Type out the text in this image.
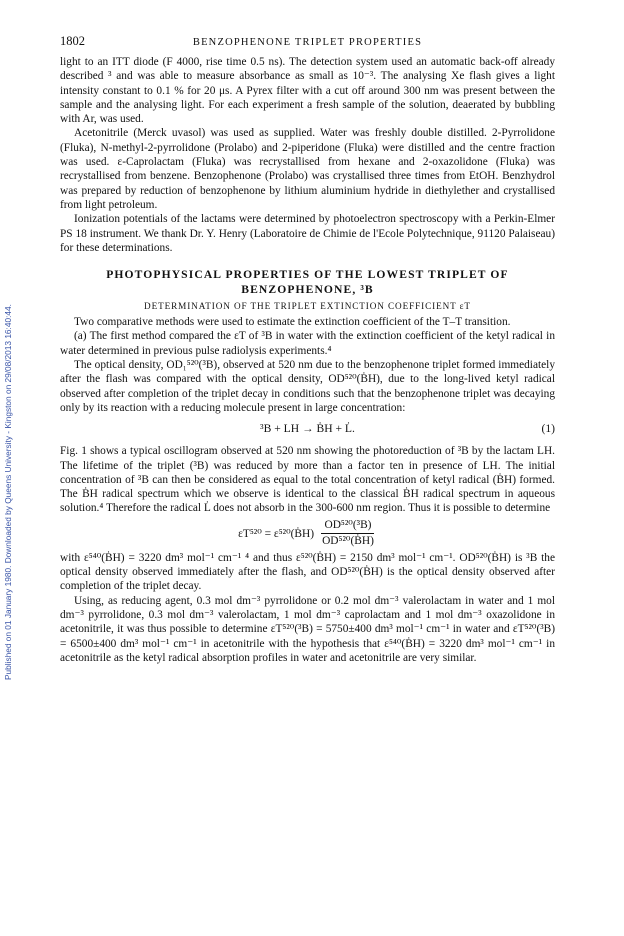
Published on 01 January 1980. Downloaded by Queens University - Kingston on 29/08/2013 16:40:44.
1802	BENZOPHENONE TRIPLET PROPERTIES

light to an ITT diode (F 4000, rise time 0.5 ns). The detection system used an automatic back-off already described ³ and was able to measure absorbance as small as 10⁻³. The analysing Xe flash gives a light intensity constant to 0.1 % for 20 μs. A Pyrex filter with a cut off around 300 nm was present between the sample and the analysing light. For each experiment a fresh sample of the solution, deaerated by bubbling with Ar, was used.

Acetonitrile (Merck uvasol) was used as supplied. Water was freshly double distilled. 2-Pyrrolidone (Fluka), N-methyl-2-pyrrolidone (Prolabo) and 2-piperidone (Fluka) were distilled and the centre fraction was used. ε-Caprolactam (Fluka) was recrystallised from hexane and 2-oxazolidone (Fluka) was recrystallised from benzene. Benzophenone (Prolabo) was crystallised three times from EtOH. Benzhydrol was prepared by reduction of benzophenone by lithium aluminium hydride in diethylether and crystallised from light petroleum.

Ionization potentials of the lactams were determined by photoelectron spectroscopy with a Perkin-Elmer PS 18 instrument. We thank Dr. Y. Henry (Laboratoire de Chimie de l'Ecole Polytechnique, 91120 Palaiseau) for these determinations.

PHOTOPHYSICAL PROPERTIES OF THE LOWEST TRIPLET OF BENZOPHENONE, ³B
DETERMINATION OF THE TRIPLET EXTINCTION COEFFICIENT εT

Two comparative methods were used to estimate the extinction coefficient of the T–T transition.

(a) The first method compared the εT of ³B in water with the extinction coefficient of the ketyl radical in water determined in previous pulse radiolysis experiments.⁴

The optical density, OD₁⁵²⁰(³B), observed at 520 nm due to the benzophenone triplet formed immediately after the flash was compared with the optical density, OD⁵²⁰(ḂH), due to the long-lived ketyl radical observed after completion of the triplet decay in conditions such that the benzophenone triplet was decaying only by its reaction with a reducing molecule present in large concentration:

³B + LH → ḂH + L̇.	(1)

Fig. 1 shows a typical oscillogram observed at 520 nm showing the photoreduction of ³B by the lactam LH. The lifetime of the triplet (³B) was reduced by more than a factor ten in presence of LH. The initial concentration of ³B can then be considered as equal to the total concentration of ketyl radical (ḂH) formed. The ḂH radical spectrum which we observe is identical to the classical ḂH radical spectrum in aqueous solution.⁴ Therefore the radical L̇ does not absorb in the 300-600 nm region. Thus it is possible to determine

εT⁵²⁰ = ε⁵²⁰(ḂH) $\frac{\text{OD⁵²⁰(³B)}}{\text{OD⁵²⁰(ḂH)}}$

with ε⁵⁴⁰(ḂH) = 3220 dm³ mol⁻¹ cm⁻¹ ⁴ and thus ε⁵²⁰(ḂH) = 2150 dm³ mol⁻¹ cm⁻¹. OD⁵²⁰(ḂH) is ³B the optical density observed immediately after the flash, and OD⁵²⁰(ḂH) is the optical density observed after completion of the triplet decay.

Using, as reducing agent, 0.3 mol dm⁻³ pyrrolidone or 0.2 mol dm⁻³ valerolactam in water and 1 mol dm⁻³ pyrrolidone, 0.3 mol dm⁻³ valerolactam, 1 mol dm⁻³ caprolactam and 1 mol dm⁻³ oxazolidone in acetonitrile, it was thus possible to determine εT⁵²⁰(³B) = 5750±400 dm³ mol⁻¹ cm⁻¹ in water and εT⁵²⁰(³B) = 6500±400 dm³ mol⁻¹ cm⁻¹ in acetonitrile with the hypothesis that ε⁵⁴⁰(ḂH) = 3220 dm³ mol⁻¹ cm⁻¹ in acetonitrile as the ketyl radical absorption profiles in water and acetonitrile are very similar.
